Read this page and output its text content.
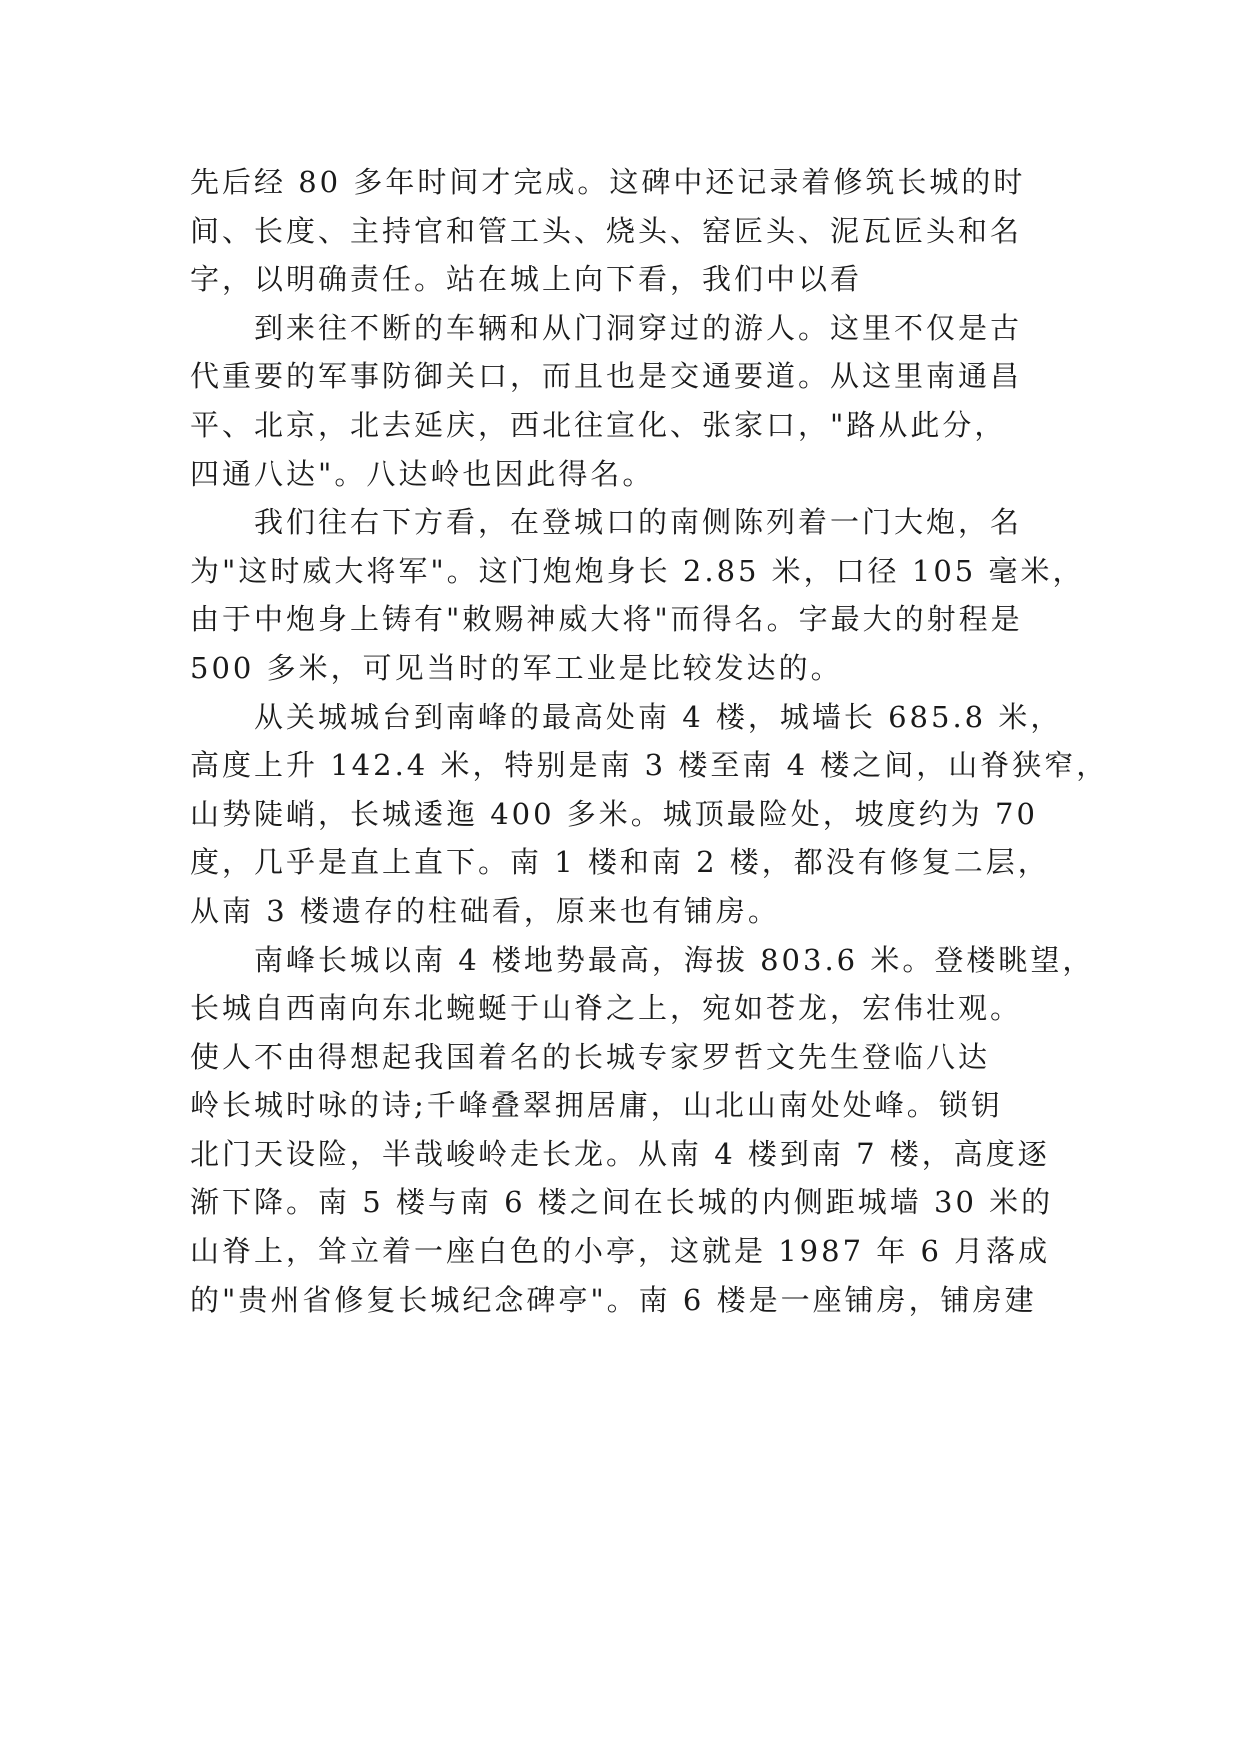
先后经 80 多年时间才完成。这碑中还记录着修筑长城的时
间、长度、主持官和管工头、烧头、窑匠头、泥瓦匠头和名
字，以明确责任。站在城上向下看，我们中以看
到来往不断的车辆和从门洞穿过的游人。这里不仅是古
代重要的军事防御关口，而且也是交通要道。从这里南通昌
平、北京，北去延庆，西北往宣化、张家口，"路从此分，
四通八达"。八达岭也因此得名。
我们往右下方看，在登城口的南侧陈列着一门大炮，名
为"这时威大将军"。这门炮炮身长 2.85 米，口径 105 毫米，
由于中炮身上铸有"敕赐神威大将"而得名。字最大的射程是
500 多米，可见当时的军工业是比较发达的。
从关城城台到南峰的最高处南 4 楼，城墙长 685.8 米，
高度上升 142.4 米，特别是南 3 楼至南 4 楼之间，山脊狭窄，
山势陡峭，长城逶迤 400 多米。城顶最险处，坡度约为 70
度，几乎是直上直下。南 1 楼和南 2 楼，都没有修复二层，
从南 3 楼遗存的柱础看，原来也有铺房。
南峰长城以南 4 楼地势最高，海拔 803.6 米。登楼眺望，
长城自西南向东北蜿蜒于山脊之上，宛如苍龙，宏伟壮观。
使人不由得想起我国着名的长城专家罗哲文先生登临八达
岭长城时咏的诗;千峰叠翠拥居庸，山北山南处处峰。锁钥
北门天设险，半哉峻岭走长龙。从南 4 楼到南 7 楼，高度逐
渐下降。南 5 楼与南 6 楼之间在长城的内侧距城墙 30 米的
山脊上，耸立着一座白色的小亭，这就是 1987 年 6 月落成
的"贵州省修复长城纪念碑亭"。南 6 楼是一座铺房，铺房建
